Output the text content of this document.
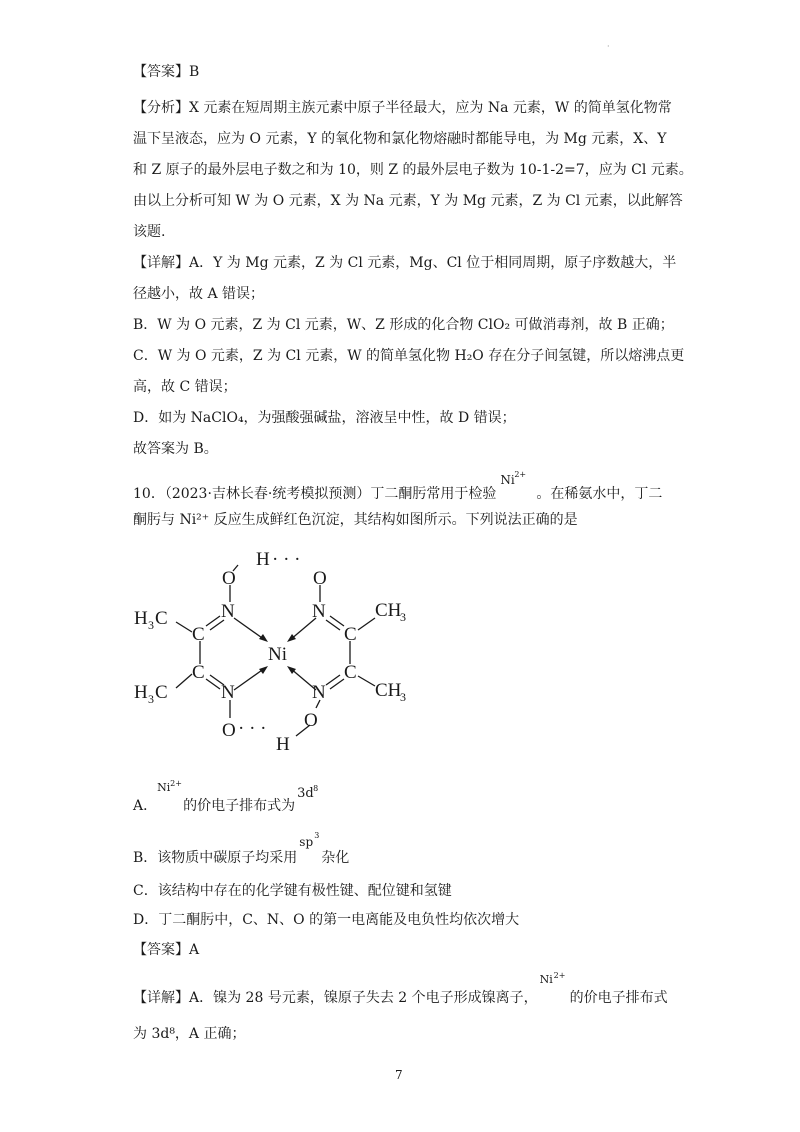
·
【答案】B
【分析】X 元素在短周期主族元素中原子半径最大，应为 Na 元素，W 的简单氢化物常
温下呈液态，应为 O 元素，Y 的氧化物和氯化物熔融时都能导电，为 Mg 元素，X、Y
和 Z 原子的最外层电子数之和为 10，则 Z 的最外层电子数为 10-1-2=7，应为 Cl 元素。
由以上分析可知 W 为 O 元素，X 为 Na 元素，Y 为 Mg 元素，Z 为 Cl 元素，以此解答
该题.
【详解】A．Y 为 Mg 元素，Z 为 Cl 元素，Mg、Cl 位于相同周期，原子序数越大，半
径越小，故 A 错误；
B．W 为 O 元素，Z 为 Cl 元素，W、Z 形成的化合物 ClO₂ 可做消毒剂，故 B 正确；
C．W 为 O 元素，Z 为 Cl 元素，W 的简单氢化物 H₂O 存在分子间氢键，所以熔沸点更
高，故 C 错误；
D．如为 NaClO₄，为强酸强碱盐，溶液呈中性，故 D 错误；
故答案为 B。
10．（2023·吉林长春·统考模拟预测）丁二酮肟常用于检验
Ni 2+
。在稀氨水中，丁二
酮肟与 Ni²⁺ 反应生成鲜红色沉淀，其结构如图所示。下列说法正确的是
H · · ·
O	O
N	N
Ni
C
C
C
C
N	N
O	O
· · ·
H
H 3 C
H 3 C
CH
3
CH
3
A．
Ni 2+
的价电子排布式为
3d 8
B．该物质中碳原子均采用
sp 3
杂化
C．该结构中存在的化学键有极性键、配位键和氢键
D．丁二酮肟中，C、N、O 的第一电离能及电负性均依次增大
【答案】A
【详解】A．镍为 28 号元素，镍原子失去 2 个电子形成镍离子，
Ni 2+
的价电子排布式
为 3d⁸，A 正确；
7
